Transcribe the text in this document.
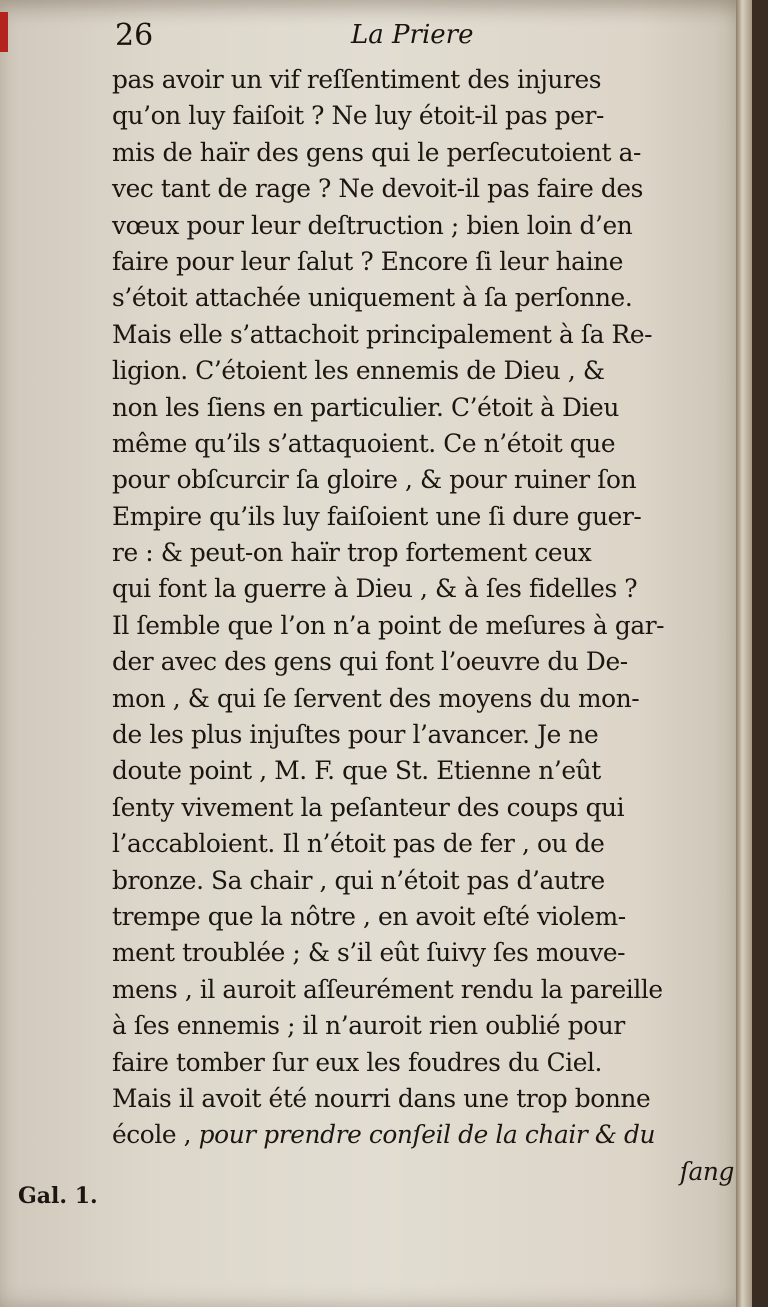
26	La Priere
pas avoir un vif reſſentiment des injures
qu’on luy faiſoit ? Ne luy étoit-il pas per-
mis de haïr des gens qui le perſecutoient a-
vec tant de rage ? Ne devoit-il pas faire des
vœux pour leur deſtruction ; bien loin d’en
faire pour leur ſalut ? Encore ſi leur haine
s’étoit attachée uniquement à ſa perſonne.
Mais elle s’attachoit principalement à ſa Re-
ligion. C’étoient les ennemis de Dieu , &
non les ſiens en particulier. C’étoit à Dieu
même qu’ils s’attaquoient. Ce n’étoit que
pour obſcurcir ſa gloire , & pour ruiner ſon
Empire qu’ils luy faiſoient une ſi dure guer-
re : & peut-on haïr trop fortement ceux
qui font la guerre à Dieu , & à ſes fidelles ?
Il ſemble que l’on n’a point de meſures à gar-
der avec des gens qui font l’oeuvre du De-
mon , & qui ſe ſervent des moyens du mon-
de les plus injuſtes pour l’avancer. Je ne
doute point , M. F. que St. Etienne n’eût
ſenty vivement la peſanteur des coups qui
l’accabloient. Il n’étoit pas de fer , ou de
bronze. Sa chair , qui n’étoit pas d’autre
trempe que la nôtre , en avoit eſté violem-
ment troublée ; & s’il eût ſuivy ſes mouve-
mens , il auroit aſſeurément rendu la pareille
à ſes ennemis ; il n’auroit rien oublié pour
faire tomber ſur eux les foudres du Ciel.
Mais il avoit été nourri dans une trop bonne
école , pour prendre conſeil de la chair & du
ſang
Gal. 1.
